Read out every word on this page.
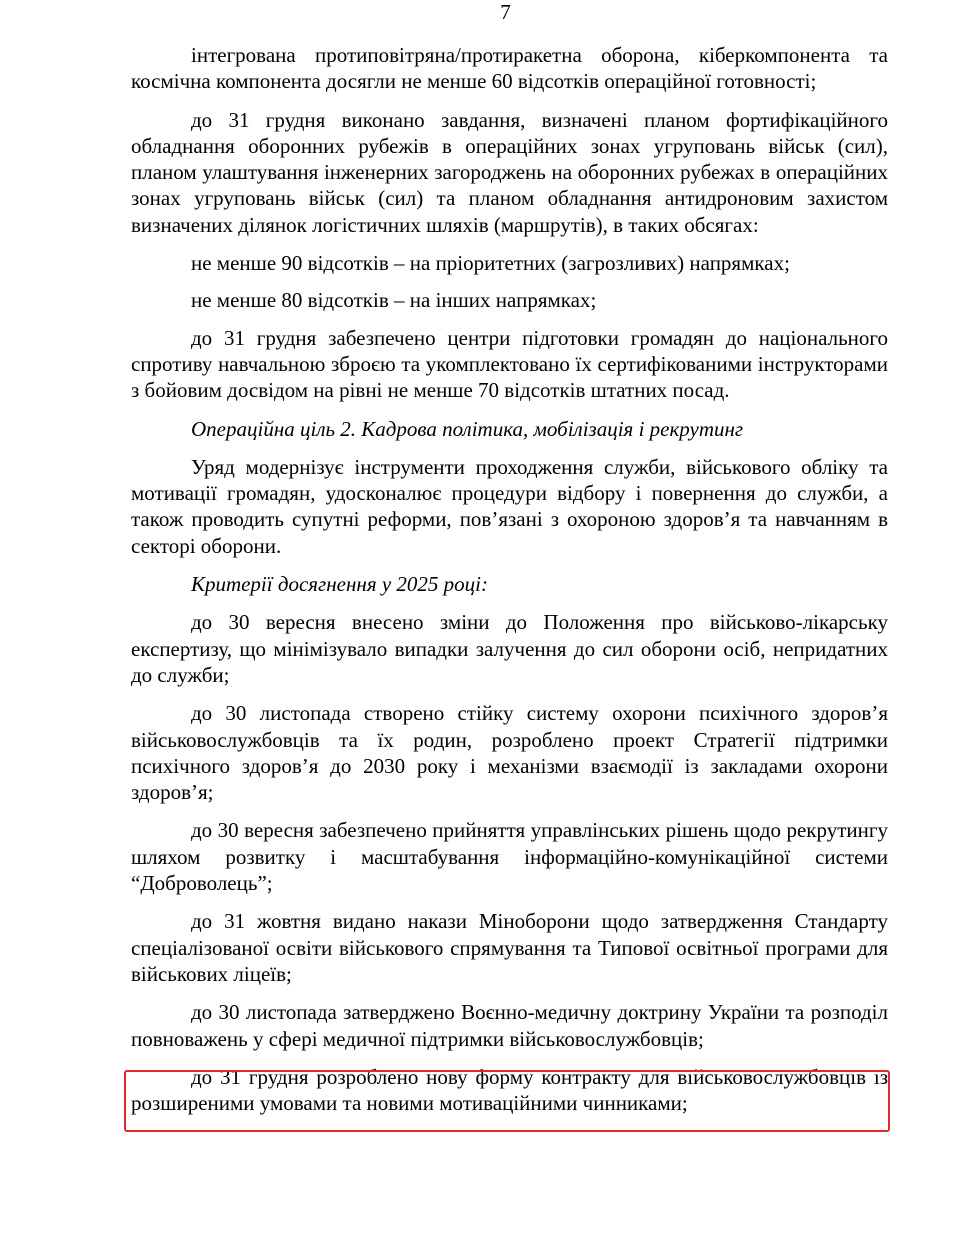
7

інтегрована протиповітряна/протиракетна оборона, кіберкомпонента та космічна компонента досягли не менше 60 відсотків операційної готовності;

до 31 грудня виконано завдання, визначені планом фортифікаційного обладнання оборонних рубежів в операційних зонах угруповань військ (сил), планом улаштування інженерних загороджень на оборонних рубежах в операційних зонах угруповань військ (сил) та планом обладнання антидроновим захистом визначених ділянок логістичних шляхів (маршрутів), в таких обсягах:

не менше 90 відсотків – на пріоритетних (загрозливих) напрямках;

не менше 80 відсотків – на інших напрямках;

до 31 грудня забезпечено центри підготовки громадян до національного спротиву навчальною зброєю та укомплектовано їх сертифікованими інструкторами з бойовим досвідом на рівні не менше 70 відсотків штатних посад.

Операційна ціль 2. Кадрова політика, мобілізація і рекрутинг

Уряд модернізує інструменти проходження служби, військового обліку та мотивації громадян, удосконалює процедури відбору і повернення до служби, а також проводить супутні реформи, пов’язані з охороною здоров’я та навчанням в секторі оборони.

Критерії досягнення у 2025 році:

до 30 вересня внесено зміни до Положення про військово-лікарську експертизу, що мінімізувало випадки залучення до сил оборони осіб, непридатних до служби;

до 30 листопада створено стійку систему охорони психічного здоров’я військовослужбовців та їх родин, розроблено проект Стратегії підтримки психічного здоров’я до 2030 року і механізми взаємодії із закладами охорони здоров’я;

до 30 вересня забезпечено прийняття управлінських рішень щодо рекрутингу шляхом розвитку і масштабування інформаційно-комунікаційної системи “Доброволець”;

до 31 жовтня видано накази Міноборони щодо затвердження Стандарту спеціалізованої освіти військового спрямування та Типової освітньої програми для військових ліцеїв;

до 30 листопада затверджено Воєнно-медичну доктрину України та розподіл повноважень у сфері медичної підтримки військовослужбовців;

до 31 грудня розроблено нову форму контракту для військовослужбовців із розширеними умовами та новими мотиваційними чинниками;
